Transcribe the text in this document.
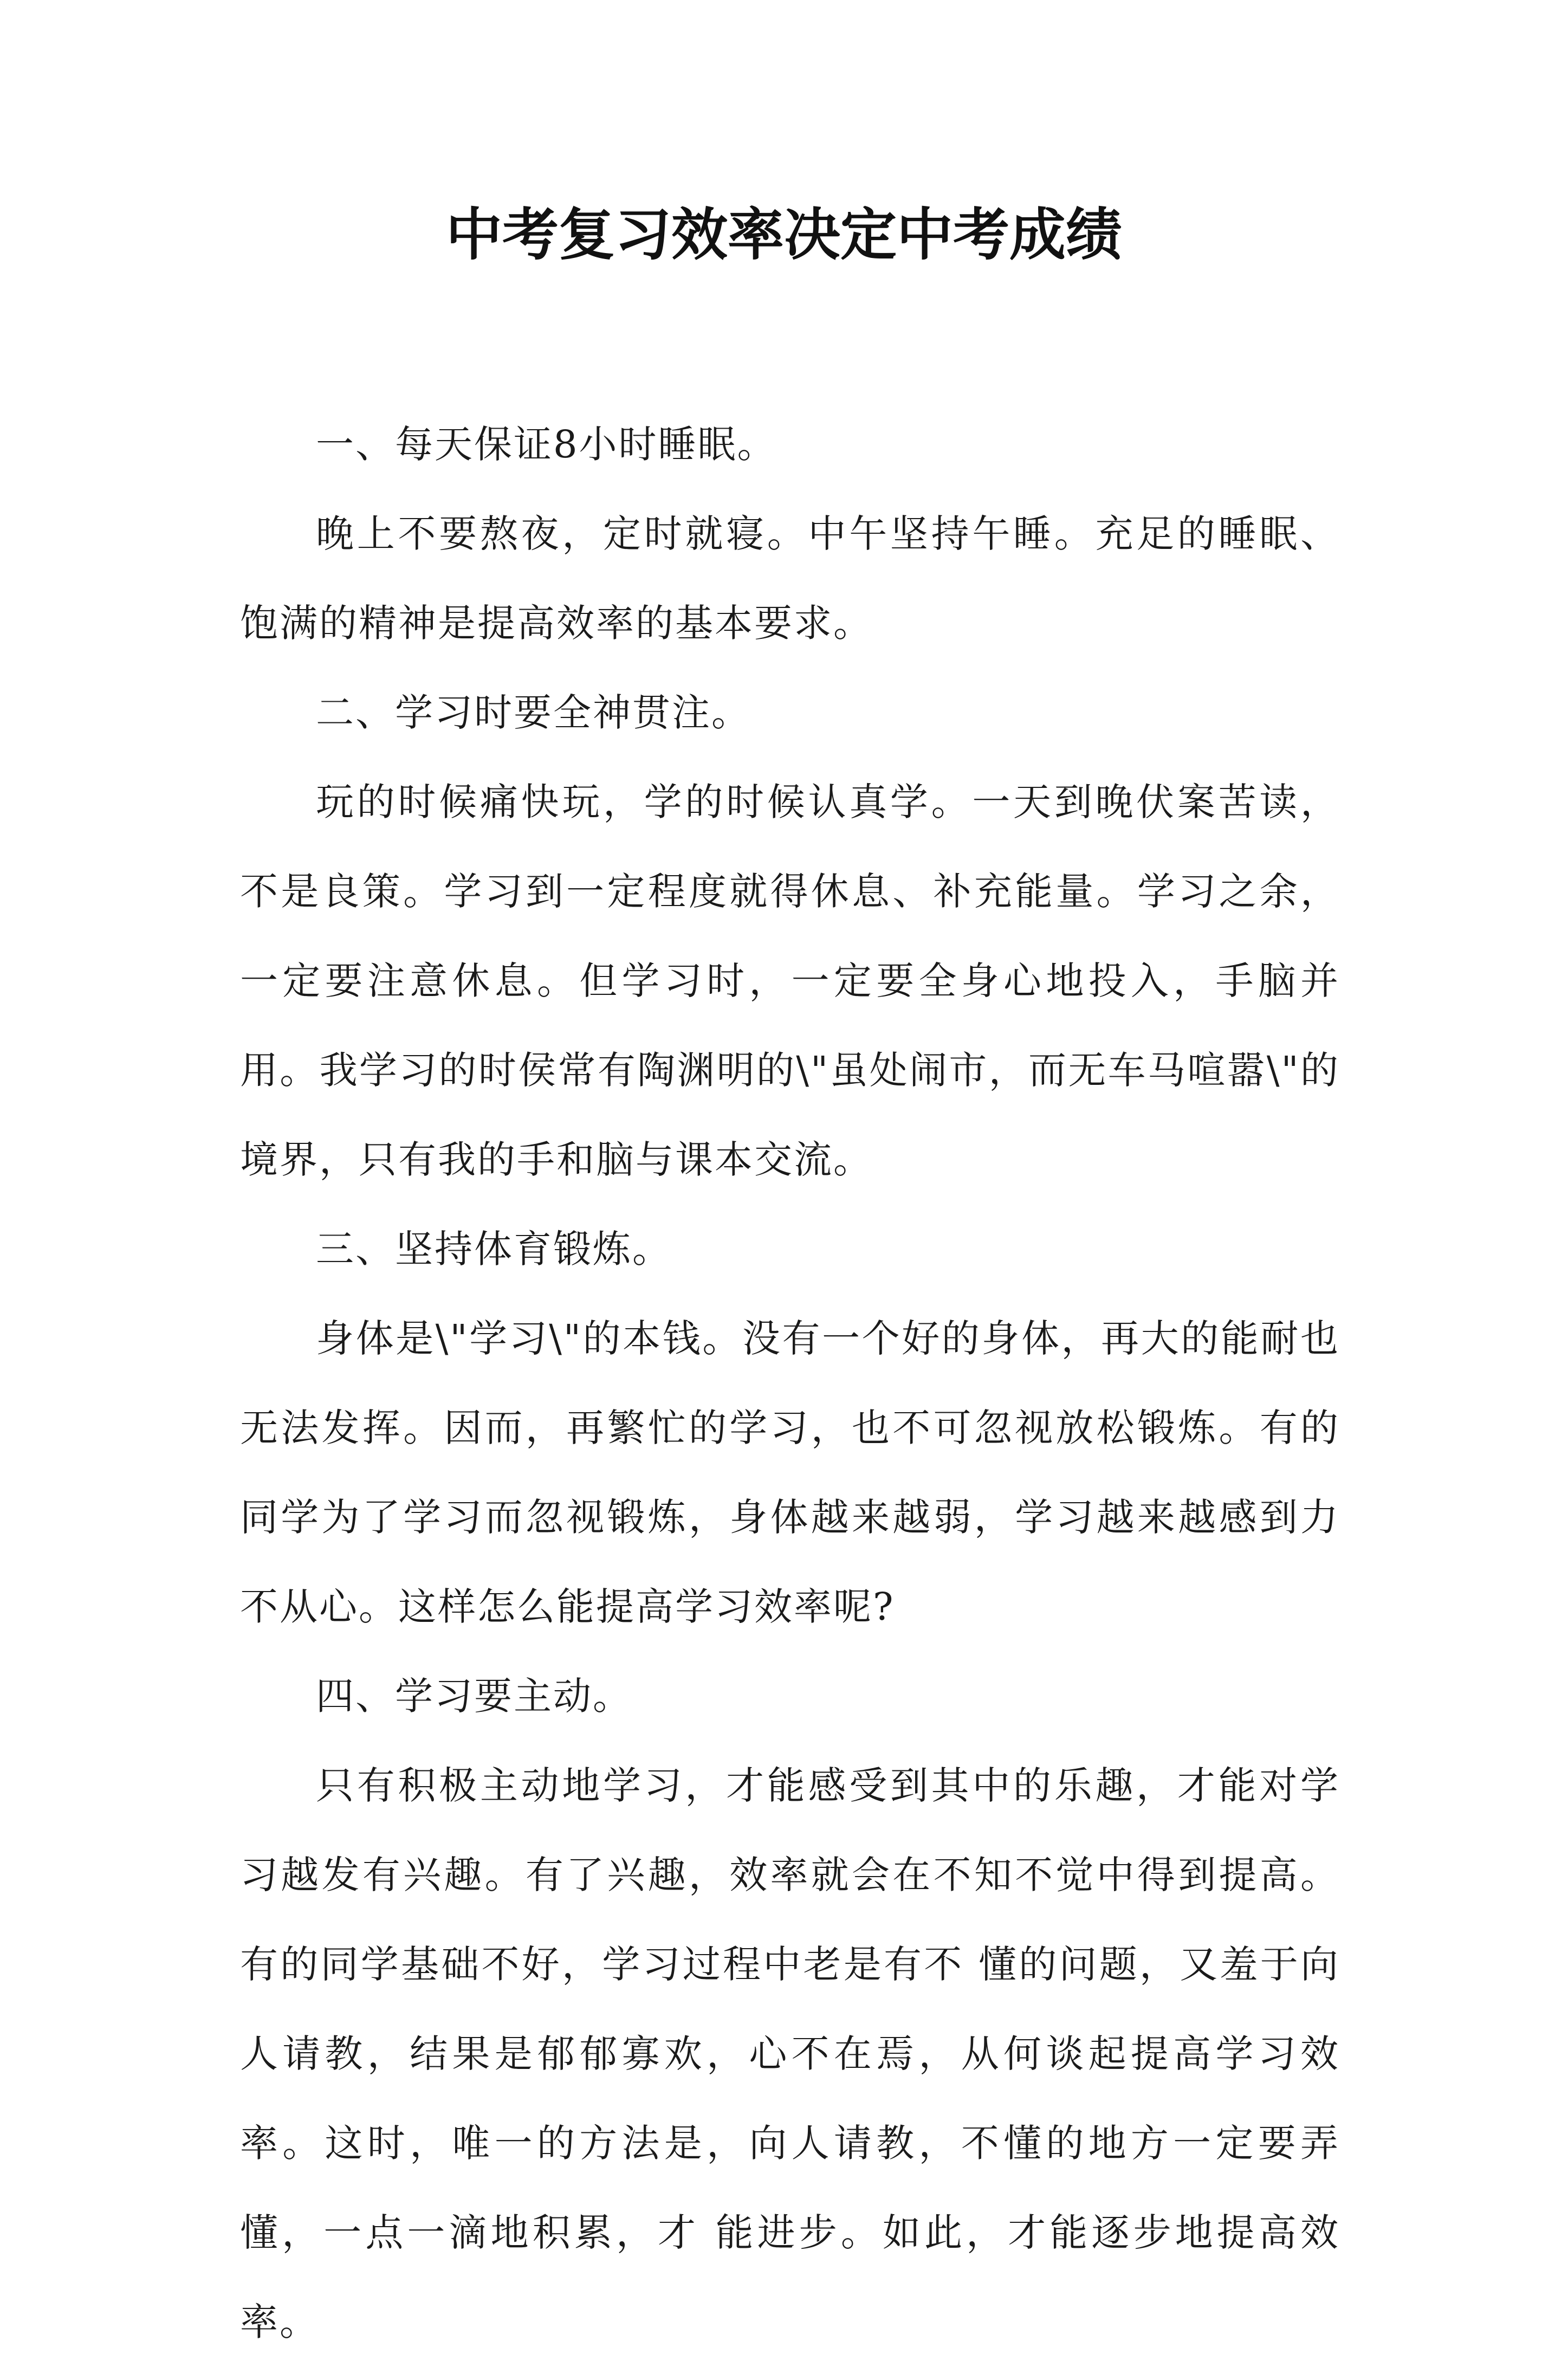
中考复习效率决定中考成绩

一、每天保证8小时睡眠。

晚上不要熬夜，定时就寝。中午坚持午睡。充足的睡眠、饱满的精神是提高效率的基本要求。

二、学习时要全神贯注。

玩的时候痛快玩，学的时候认真学。一天到晚伏案苦读，不是良策。学习到一定程度就得休息、补充能量。学习之余，一定要注意休息。但学习时，一定要全身心地投入，手脑并用。我学习的时侯常有陶渊明的\"虽处闹市，而无车马喧嚣\"的境界，只有我的手和脑与课本交流。

三、坚持体育锻炼。

身体是\"学习\"的本钱。没有一个好的身体，再大的能耐也无法发挥。因而，再繁忙的学习，也不可忽视放松锻炼。有的同学为了学习而忽视锻炼，身体越来越弱，学习越来越感到力不从心。这样怎么能提高学习效率呢?

四、学习要主动。

只有积极主动地学习，才能感受到其中的乐趣，才能对学习越发有兴趣。有了兴趣，效率就会在不知不觉中得到提高。有的同学基础不好，学习过程中老是有不 懂的问题，又羞于向人请教，结果是郁郁寡欢，心不在焉，从何谈起提高学习效率。这时，唯一的方法是，向人请教，不懂的地方一定要弄懂，一点一滴地积累，才 能进步。如此，才能逐步地提高效率。
